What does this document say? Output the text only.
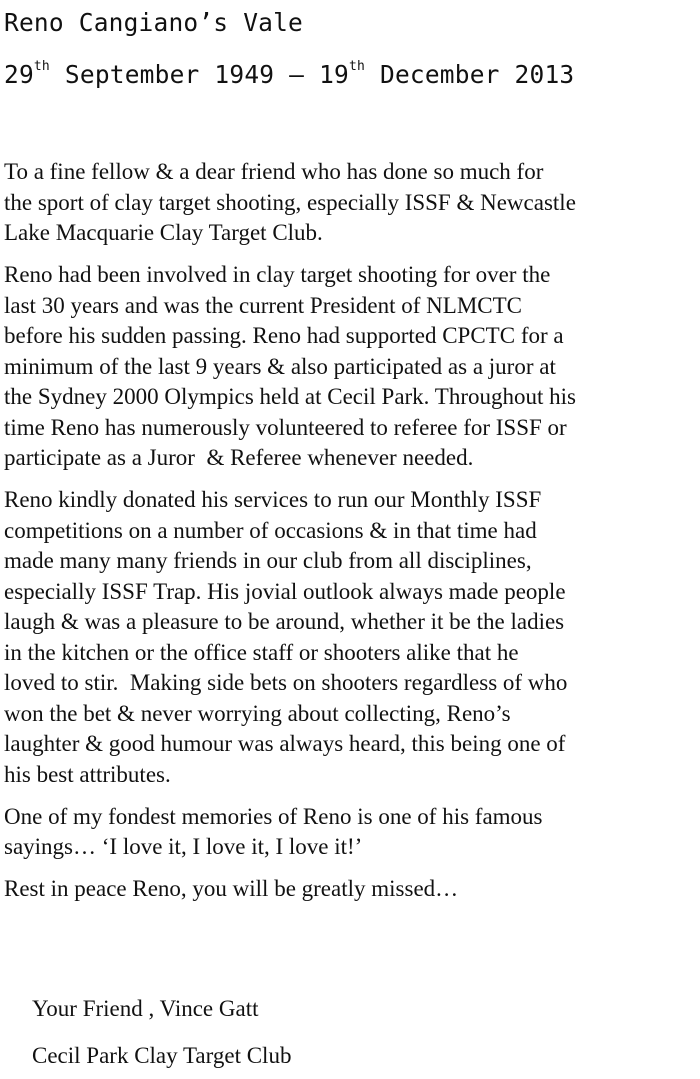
Reno Cangiano’s Vale
29th September 1949 – 19th December 2013

To a fine fellow & a dear friend who has done so much for
the sport of clay target shooting, especially ISSF & Newcastle
Lake Macquarie Clay Target Club.

Reno had been involved in clay target shooting for over the
last 30 years and was the current President of NLMCTC
before his sudden passing. Reno had supported CPCTC for a
minimum of the last 9 years & also participated as a juror at
the Sydney 2000 Olympics held at Cecil Park. Throughout his
time Reno has numerously volunteered to referee for ISSF or
participate as a Juror  & Referee whenever needed.

Reno kindly donated his services to run our Monthly ISSF
competitions on a number of occasions & in that time had
made many many friends in our club from all disciplines,
especially ISSF Trap. His jovial outlook always made people
laugh & was a pleasure to be around, whether it be the ladies
in the kitchen or the office staff or shooters alike that he
loved to stir.  Making side bets on shooters regardless of who
won the bet & never worrying about collecting, Reno’s
laughter & good humour was always heard, this being one of
his best attributes.

One of my fondest memories of Reno is one of his famous
sayings… ‘I love it, I love it, I love it!’

Rest in peace Reno, you will be greatly missed…

Your Friend , Vince Gatt
Cecil Park Clay Target Club
